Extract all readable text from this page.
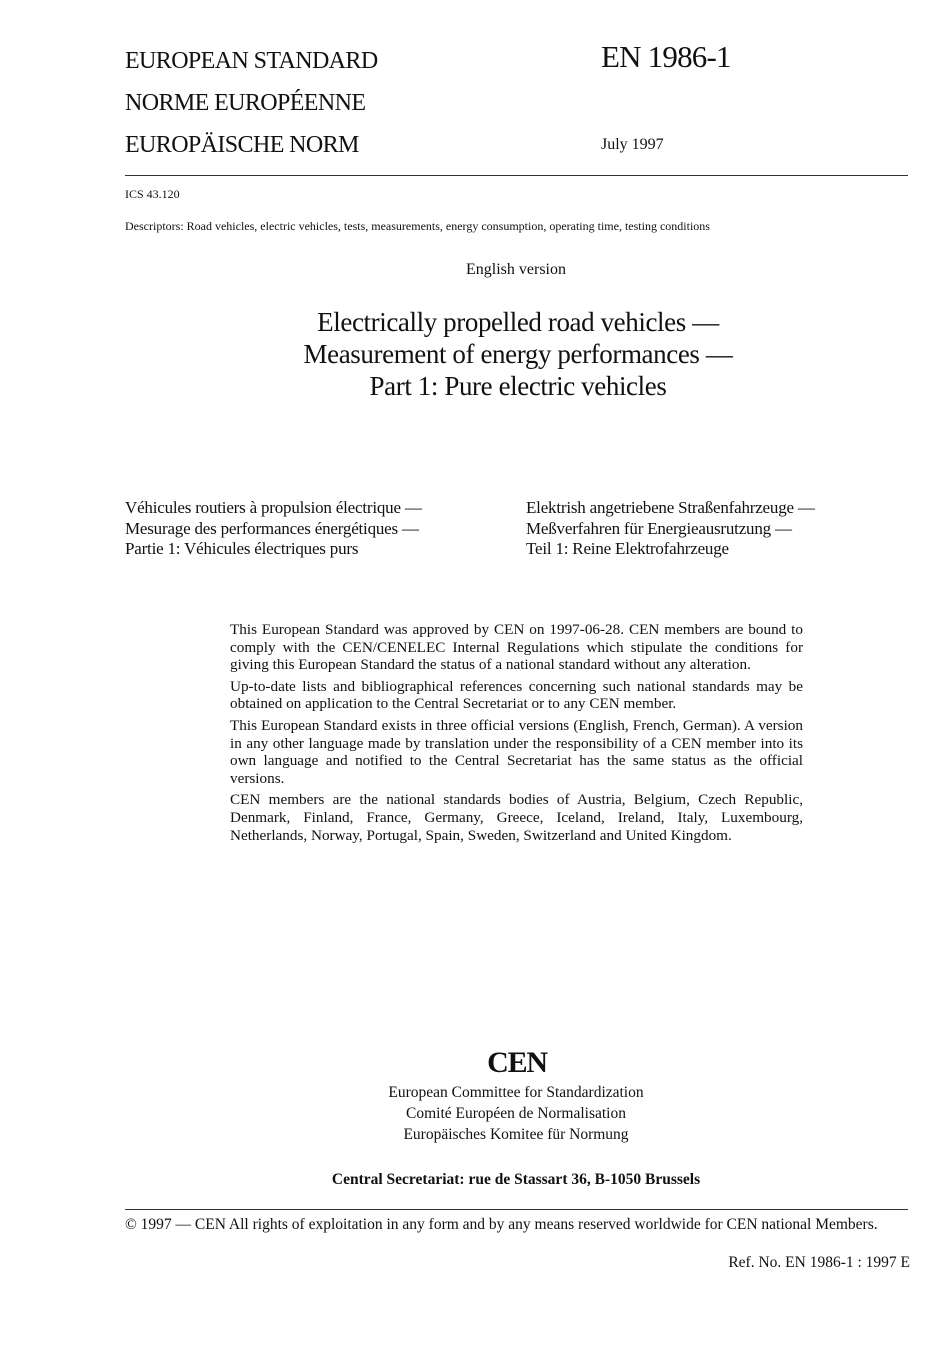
EUROPEAN STANDARD
NORME EUROPÉENNE
EUROPÄISCHE NORM
EN 1986-1
July 1997
ICS 43.120
Descriptors: Road vehicles, electric vehicles, tests, measurements, energy consumption, operating time, testing conditions
English version
Electrically propelled road vehicles —
Measurement of energy performances —
Part 1: Pure electric vehicles
Véhicules routiers à propulsion électrique —
Mesurage des performances énergétiques —
Partie 1: Véhicules électriques purs
Elektrish angetriebene Straßenfahrzeuge —
Meßverfahren für Energieausrutzung —
Teil 1: Reine Elektrofahrzeuge

This European Standard was approved by CEN on 1997-06-28. CEN members are bound to comply with the CEN/CENELEC Internal Regulations which stipulate the conditions for giving this European Standard the status of a national standard without any alteration.

Up-to-date lists and bibliographical references concerning such national standards may be obtained on application to the Central Secretariat or to any CEN member.

This European Standard exists in three official versions (English, French, German). A version in any other language made by translation under the responsibility of a CEN member into its own language and notified to the Central Secretariat has the same status as the official versions.

CEN members are the national standards bodies of Austria, Belgium, Czech Republic, Denmark, Finland, France, Germany, Greece, Iceland, Ireland, Italy, Luxembourg, Netherlands, Norway, Portugal, Spain, Sweden, Switzerland and United Kingdom.

CEN
European Committee for Standardization
Comité Européen de Normalisation
Europäisches Komitee für Normung
Central Secretariat: rue de Stassart 36, B-1050 Brussels
© 1997 — CEN All rights of exploitation in any form and by any means reserved worldwide for CEN national Members.
Ref. No. EN 1986-1 : 1997 E
